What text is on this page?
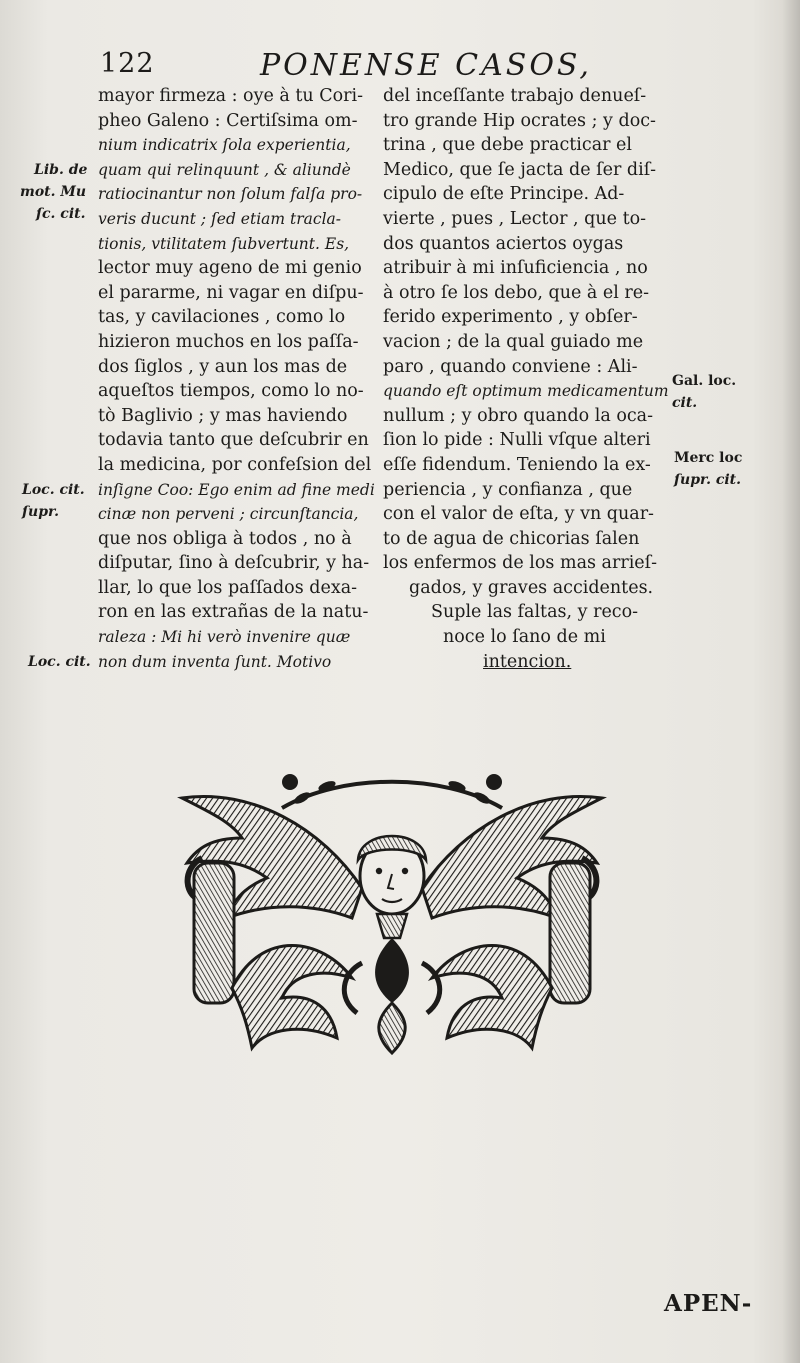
122	PONENSE CASOS,
Lib. de
mot. Mu
ſc. cit.
Loc. cit.
ſupr.
Loc. cit.
Gal. loc.
cit.
Merc loc
ſupr. cit.
mayor firmeza : oye à tu Cori-
pheo Galeno : Certiſsima om-
nium indicatrix ſola experientia,
quam qui relinquunt , & aliundè
ratiocinantur non ſolum falſa pro-
veris ducunt ; ſed etiam tracla-
tionis, vtilitatem ſubvertunt. Es,
lector muy ageno de mi genio
el pararme, ni vagar en diſpu-
tas, y cavilaciones , como lo
hizieron muchos en los paſſa-
dos ſiglos , y aun los mas de
aqueſtos tiempos, como lo no-
tò Baglivio ; y mas haviendo
todavia tanto que deſcubrir en
la medicina, por confeſsion del
inſigne Coo: Ego enim ad fine medi
cinæ non perveni ; circunſtancia,
que nos obliga à todos , no à
diſputar, ſino à deſcubrir, y ha-
llar, lo que los paſſados dexa-
ron en las extrañas de la natu-
raleza : Mi hi verò invenire quæ
non dum inventa ſunt. Motivo
del inceſſante trabajo denueſ-
tro grande Hip ocrates ; y doc-
trina , que debe practicar el
Medico, que ſe jacta de ſer diſ-
cipulo de eſte Principe. Ad-
vierte , pues , Lector , que to-
dos quantos aciertos oygas
atribuir à mi inſuficiencia , no
à otro ſe los debo, que à el re-
ferido experimento , y obſer-
vacion ; de la qual guiado me
paro , quando conviene : Ali-
quando eſt optimum medicamentum
nullum ; y obro quando la oca-
ſion lo pide : Nulli vſque alteri
eſſe fidendum. Teniendo la ex-
periencia , y confianza , que
con el valor de eſta, y vn quar-
to de agua de chicorias ſalen
los enfermos de los mas arrieſ-
gados, y graves accidentes.
Suple las faltas, y reco-
noce lo ſano de mi
intencion.
APEN-
